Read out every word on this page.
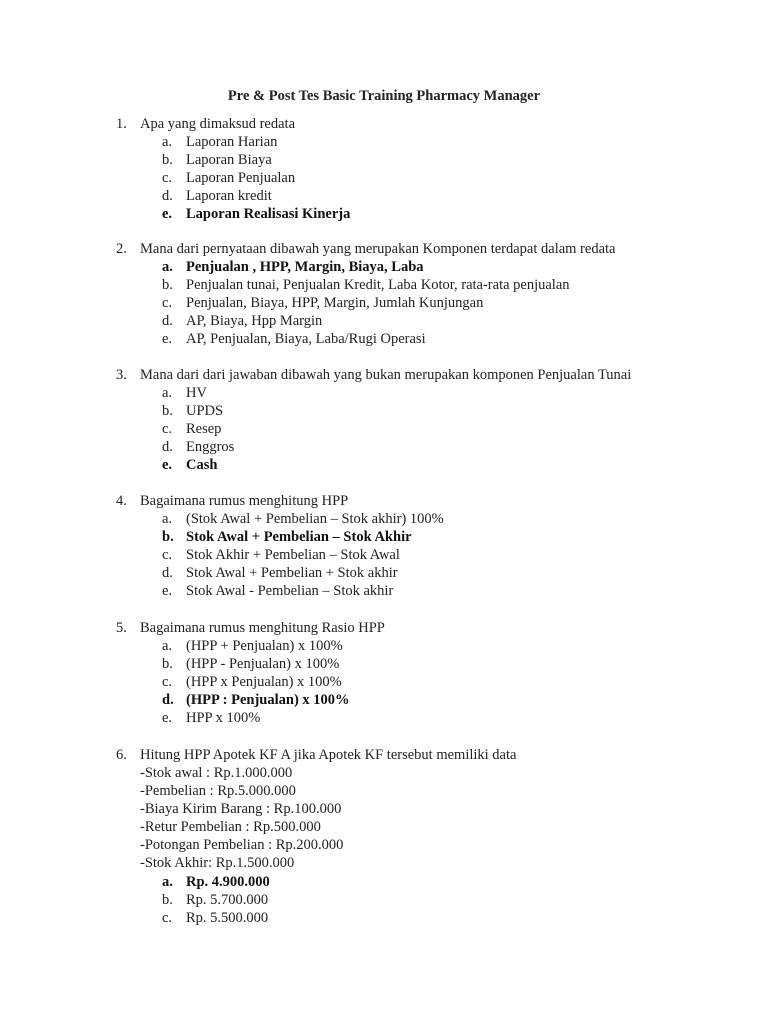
Pre & Post Tes Basic Training Pharmacy Manager
1. Apa yang dimaksud redata
a. Laporan Harian
b. Laporan Biaya
c. Laporan Penjualan
d. Laporan kredit
e. Laporan Realisasi Kinerja
2. Mana dari pernyataan dibawah yang merupakan Komponen terdapat dalam redata
a. Penjualan , HPP, Margin, Biaya, Laba
b. Penjualan tunai, Penjualan Kredit, Laba Kotor, rata-rata penjualan
c. Penjualan, Biaya, HPP, Margin, Jumlah Kunjungan
d. AP, Biaya, Hpp Margin
e. AP, Penjualan, Biaya, Laba/Rugi Operasi
3. Mana dari dari jawaban dibawah yang bukan merupakan komponen Penjualan Tunai
a. HV
b. UPDS
c. Resep
d. Enggros
e. Cash
4. Bagaimana rumus menghitung HPP
a. (Stok Awal + Pembelian – Stok akhir) 100%
b. Stok Awal + Pembelian – Stok Akhir
c. Stok Akhir + Pembelian – Stok Awal
d. Stok Awal + Pembelian + Stok akhir
e. Stok Awal - Pembelian – Stok akhir
5. Bagaimana rumus menghitung Rasio HPP
a. (HPP + Penjualan) x 100%
b. (HPP - Penjualan) x 100%
c. (HPP x Penjualan) x 100%
d. (HPP : Penjualan) x 100%
e. HPP x 100%
6. Hitung HPP Apotek KF A jika Apotek KF tersebut memiliki data
-Stok awal : Rp.1.000.000
-Pembelian : Rp.5.000.000
-Biaya Kirim Barang : Rp.100.000
-Retur Pembelian : Rp.500.000
-Potongan Pembelian : Rp.200.000
-Stok Akhir: Rp.1.500.000
a. Rp. 4.900.000
b. Rp. 5.700.000
c. Rp. 5.500.000
